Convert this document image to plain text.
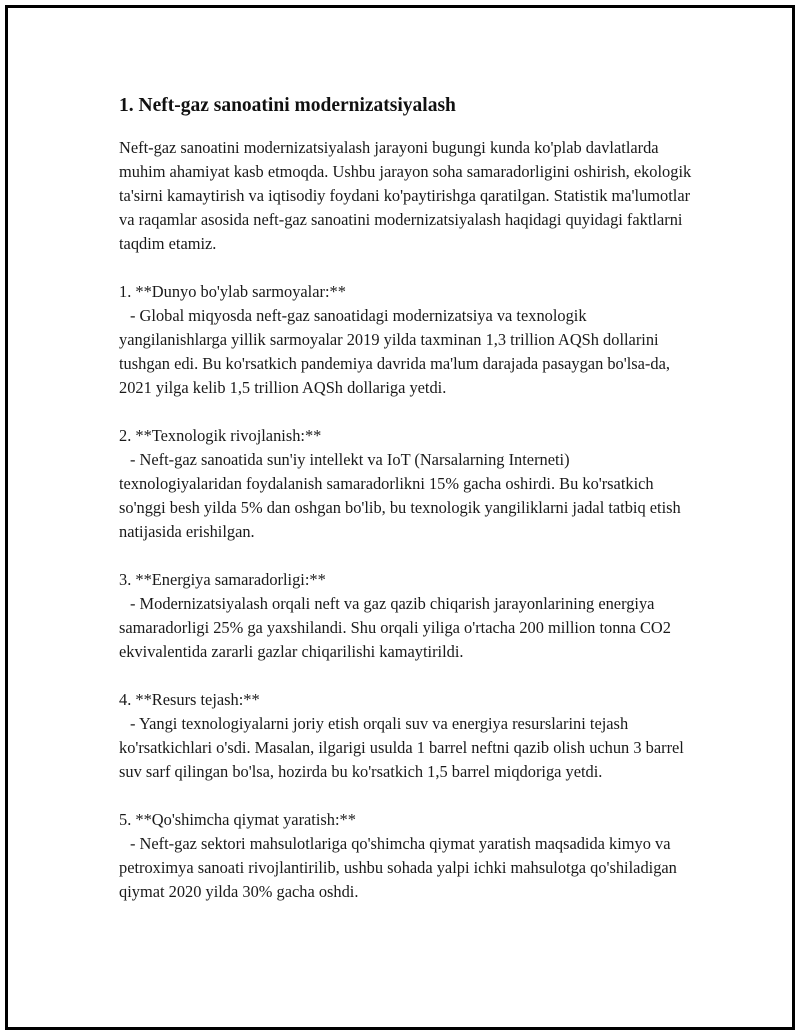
1. Neft-gaz sanoatini modernizatsiyalash

Neft-gaz sanoatini modernizatsiyalash jarayoni bugungi kunda ko'plab davlatlarda muhim ahamiyat kasb etmoqda. Ushbu jarayon soha samaradorligini oshirish, ekologik ta'sirni kamaytirish va iqtisodiy foydani ko'paytirishga qaratilgan. Statistik ma'lumotlar va raqamlar asosida neft-gaz sanoatini modernizatsiyalash haqidagi quyidagi faktlarni taqdim etamiz.

1. **Dunyo bo'ylab sarmoyalar:**

- Global miqyosda neft-gaz sanoatidagi modernizatsiya va texnologik yangilanishlarga yillik sarmoyalar 2019 yilda taxminan 1,3 trillion AQSh dollarini tushgan edi. Bu ko'rsatkich pandemiya davrida ma'lum darajada pasaygan bo'lsa-da, 2021 yilga kelib 1,5 trillion AQSh dollariga yetdi.

2. **Texnologik rivojlanish:**

- Neft-gaz sanoatida sun'iy intellekt va IoT (Narsalarning Interneti) texnologiyalaridan foydalanish samaradorlikni 15% gacha oshirdi. Bu ko'rsatkich so'nggi besh yilda 5% dan oshgan bo'lib, bu texnologik yangiliklarni jadal tatbiq etish natijasida erishilgan.

3. **Energiya samaradorligi:**

- Modernizatsiyalash orqali neft va gaz qazib chiqarish jarayonlarining energiya samaradorligi 25% ga yaxshilandi. Shu orqali yiliga o'rtacha 200 million tonna CO2 ekvivalentida zararli gazlar chiqarilishi kamaytirildi.

4. **Resurs tejash:**

- Yangi texnologiyalarni joriy etish orqali suv va energiya resurslarini tejash ko'rsatkichlari o'sdi. Masalan, ilgarigi usulda 1 barrel neftni qazib olish uchun 3 barrel suv sarf qilingan bo'lsa, hozirda bu ko'rsatkich 1,5 barrel miqdoriga yetdi.

5. **Qo'shimcha qiymat yaratish:**

- Neft-gaz sektori mahsulotlariga qo'shimcha qiymat yaratish maqsadida kimyo va petroximya sanoati rivojlantirilib, ushbu sohada yalpi ichki mahsulotga qo'shiladigan qiymat 2020 yilda 30% gacha oshdi.
